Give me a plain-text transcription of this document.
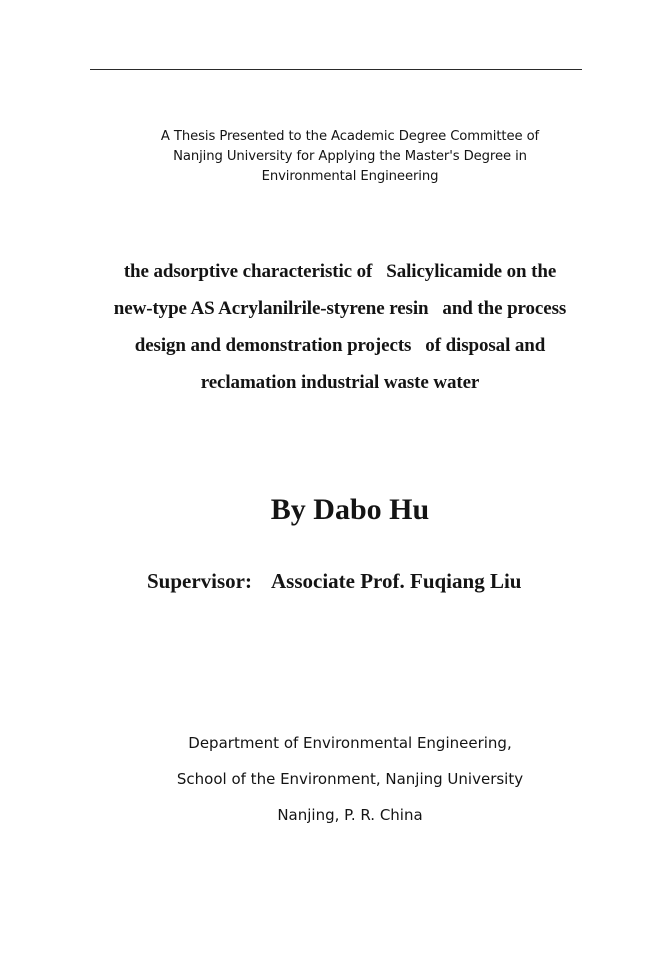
A Thesis Presented to the Academic Degree Committee of
Nanjing University for Applying the Master's Degree in
Environmental Engineering
the adsorptive characteristic of   Salicylicamide on the
new-type AS Acrylanilrile-styrene resin   and the process
design and demonstration projects   of disposal and
reclamation industrial waste water
By Dabo Hu
Supervisor: Associate Prof. Fuqiang Liu
Department of Environmental Engineering,
School of the Environment, Nanjing University
Nanjing, P. R. China
